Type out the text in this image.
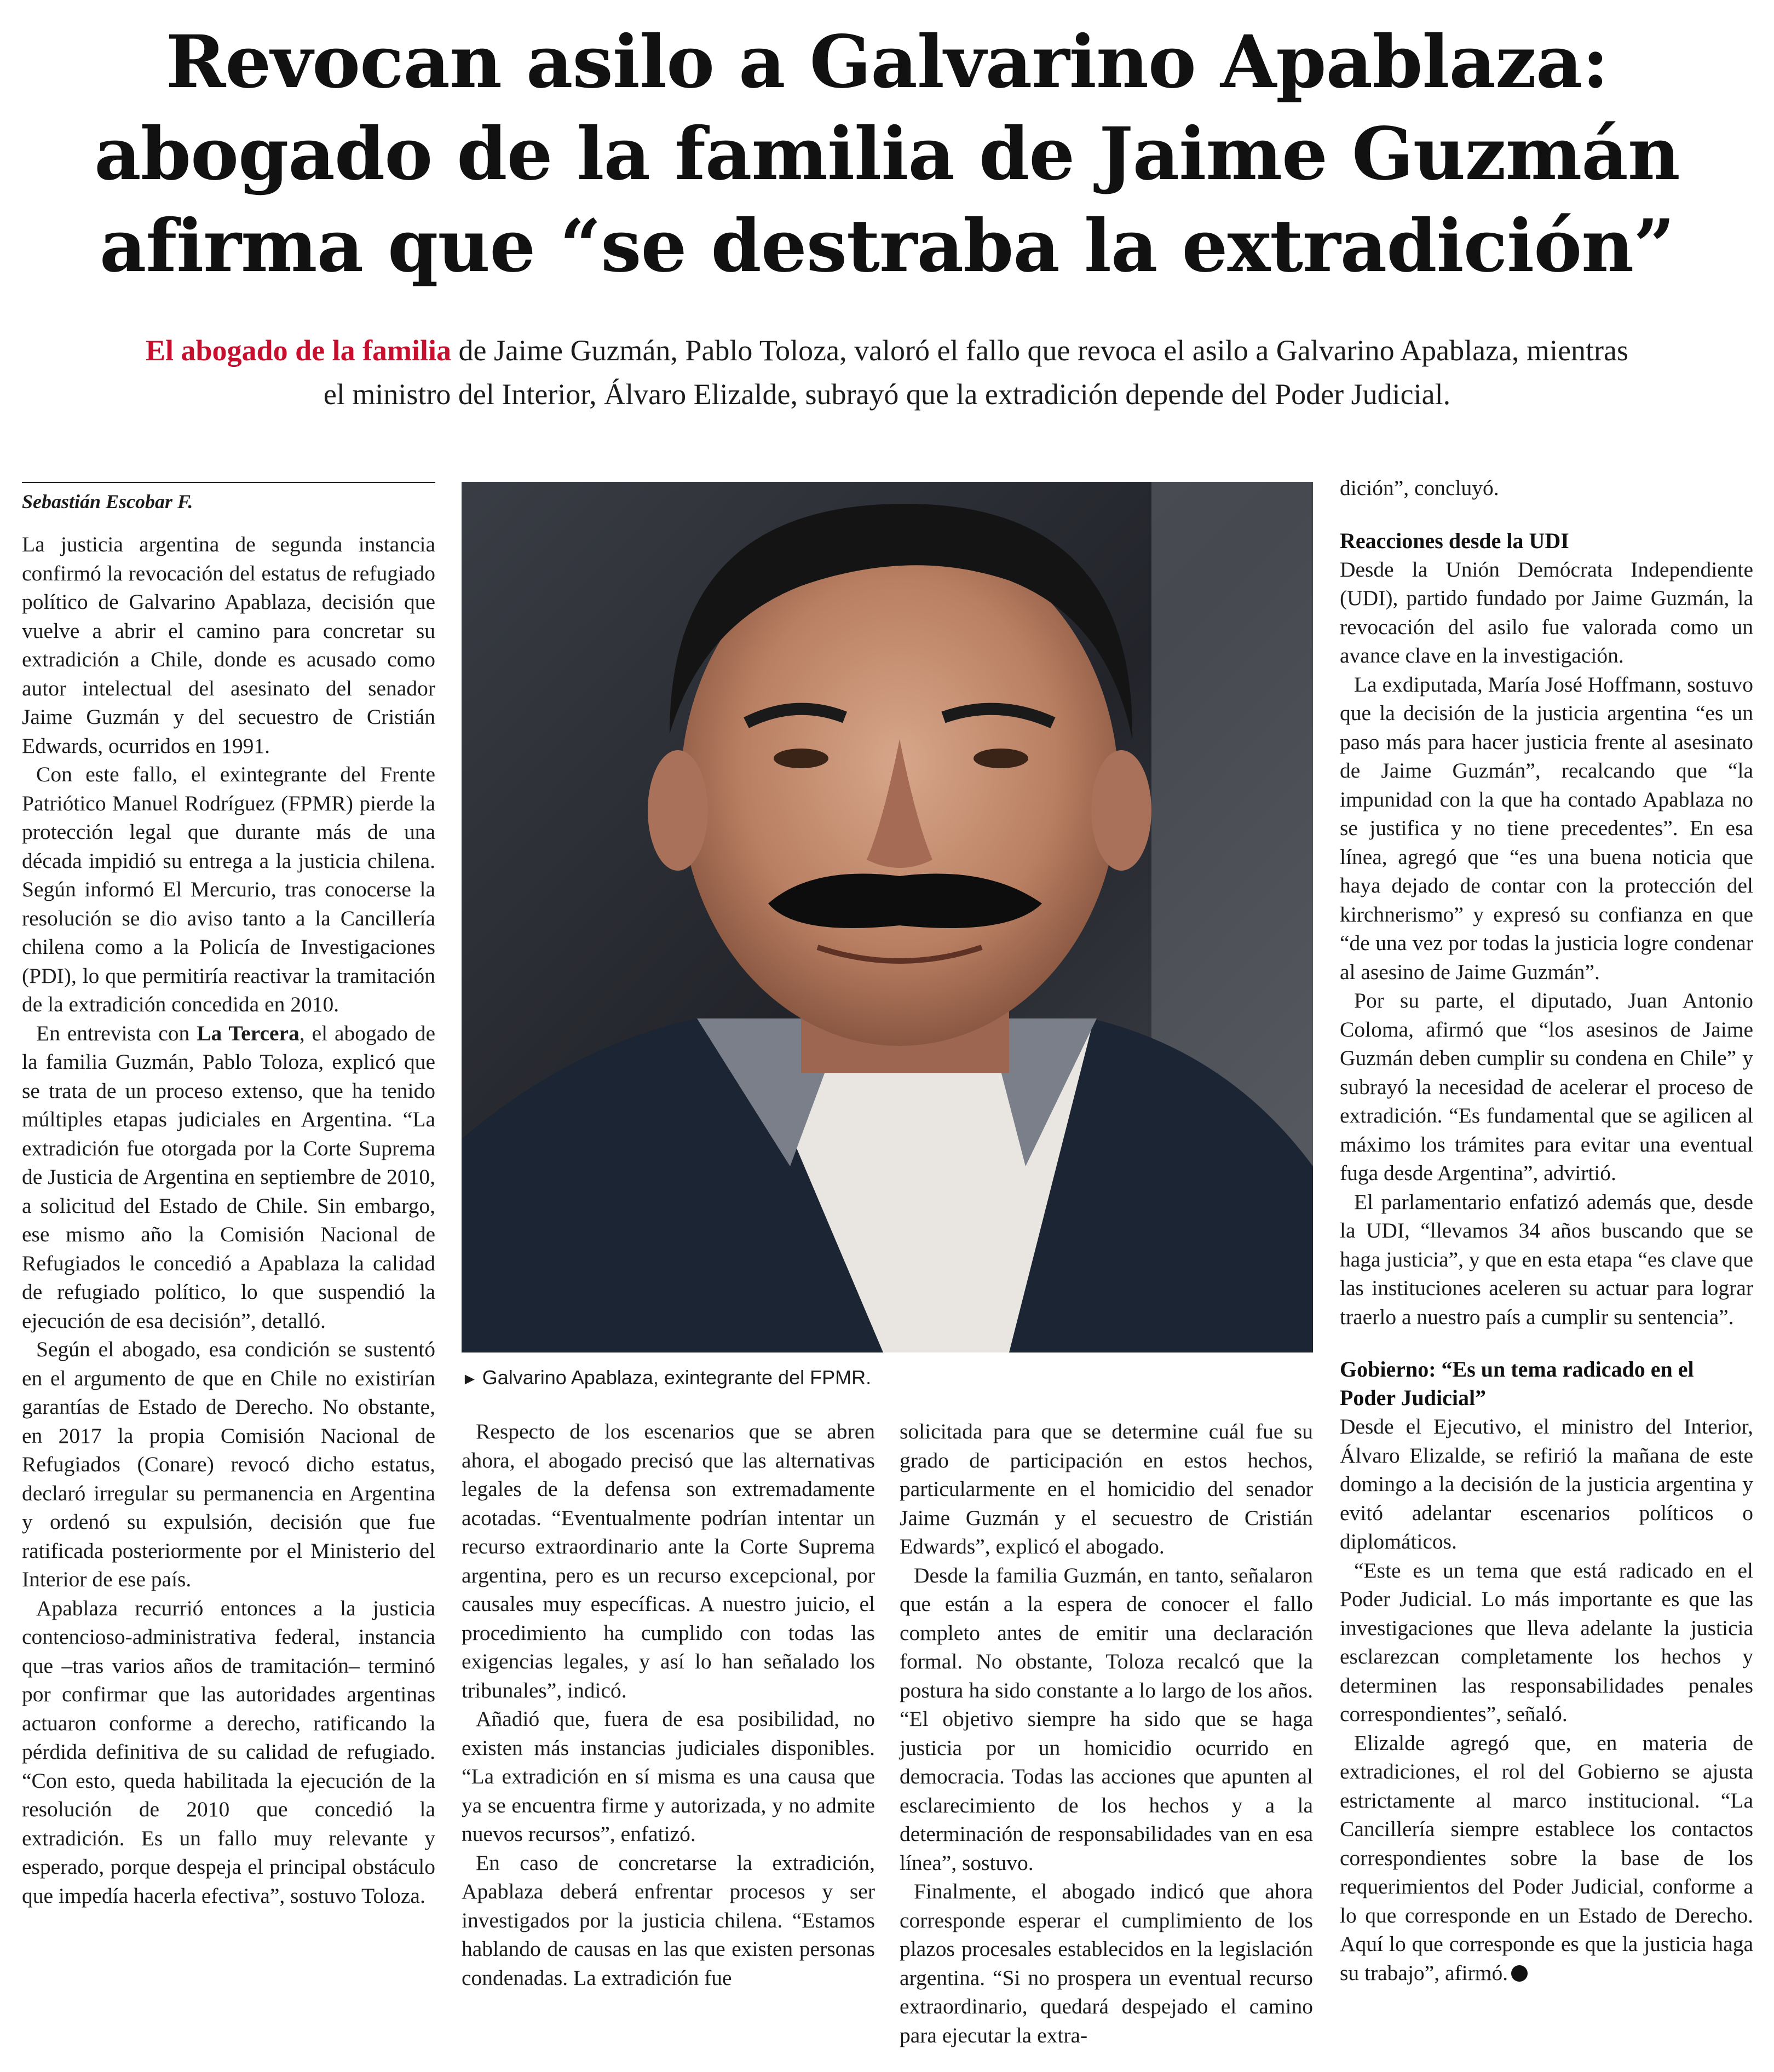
Revocan asilo a Galvarino Apablaza:
abogado de la familia de Jaime Guzmán
afirma que “se destraba la extradición”

El abogado de la familia de Jaime Guzmán, Pablo Toloza, valoró el fallo que revoca el asilo a Galvarino Apablaza, mientras
el ministro del Interior, Álvaro Elizalde, subrayó que la extradición depende del Poder Judicial.

Sebastián Escobar F.

La justicia argentina de segunda instancia confirmó la revocación del estatus de refugiado político de Galvarino Apablaza, decisión que vuelve a abrir el camino para concretar su extradición a Chile, donde es acusado como autor intelectual del asesinato del senador Jaime Guzmán y del secuestro de Cristián Edwards, ocurridos en 1991.

Con este fallo, el exintegrante del Frente Patriótico Manuel Rodríguez (FPMR) pierde la protección legal que durante más de una década impidió su entrega a la justicia chilena. Según informó El Mercurio, tras conocerse la resolución se dio aviso tanto a la Cancillería chilena como a la Policía de Investigaciones (PDI), lo que permitiría reactivar la tramitación de la extradición concedida en 2010.

En entrevista con La Tercera, el abogado de la familia Guzmán, Pablo Toloza, explicó que se trata de un proceso extenso, que ha tenido múltiples etapas judiciales en Argentina. “La extradición fue otorgada por la Corte Suprema de Justicia de Argentina en septiembre de 2010, a solicitud del Estado de Chile. Sin embargo, ese mismo año la Comisión Nacional de Refugiados le concedió a Apablaza la calidad de refugiado político, lo que suspendió la ejecución de esa decisión”, detalló.

Según el abogado, esa condición se sustentó en el argumento de que en Chile no existirían garantías de Estado de Derecho. No obstante, en 2017 la propia Comisión Nacional de Refugiados (Conare) revocó dicho estatus, declaró irregular su permanencia en Argentina y ordenó su expulsión, decisión que fue ratificada posteriormente por el Ministerio del Interior de ese país.

Apablaza recurrió entonces a la justicia contencioso-administrativa federal, instancia que –tras varios años de tramitación– terminó por confirmar que las autoridades argentinas actuaron conforme a derecho, ratificando la pérdida definitiva de su calidad de refugiado. “Con esto, queda habilitada la ejecución de la resolución de 2010 que concedió la extradición. Es un fallo muy relevante y esperado, porque despeja el principal obstáculo que impedía hacerla efectiva”, sostuvo Toloza.

► Galvarino Apablaza, exintegrante del FPMR.

Respecto de los escenarios que se abren ahora, el abogado precisó que las alternativas legales de la defensa son extremadamente acotadas. “Eventualmente podrían intentar un recurso extraordinario ante la Corte Suprema argentina, pero es un recurso excepcional, por causales muy específicas. A nuestro juicio, el procedimiento ha cumplido con todas las exigencias legales, y así lo han señalado los tribunales”, indicó.

Añadió que, fuera de esa posibilidad, no existen más instancias judiciales disponibles. “La extradición en sí misma es una causa que ya se encuentra firme y autorizada, y no admite nuevos recursos”, enfatizó.

En caso de concretarse la extradición, Apablaza deberá enfrentar procesos y ser investigados por la justicia chilena. “Estamos hablando de causas en las que existen personas condenadas. La extradición fue

solicitada para que se determine cuál fue su grado de participación en estos hechos, particularmente en el homicidio del senador Jaime Guzmán y el secuestro de Cristián Edwards”, explicó el abogado.

Desde la familia Guzmán, en tanto, señalaron que están a la espera de conocer el fallo completo antes de emitir una declaración formal. No obstante, Toloza recalcó que la postura ha sido constante a lo largo de los años. “El objetivo siempre ha sido que se haga justicia por un homicidio ocurrido en democracia. Todas las acciones que apunten al esclarecimiento de los hechos y a la determinación de responsabilidades van en esa línea”, sostuvo.

Finalmente, el abogado indicó que ahora corresponde esperar el cumplimiento de los plazos procesales establecidos en la legislación argentina. “Si no prospera un eventual recurso extraordinario, quedará despejado el camino para ejecutar la extra-

dición”, concluyó.

Reacciones desde la UDI

Desde la Unión Demócrata Independiente (UDI), partido fundado por Jaime Guzmán, la revocación del asilo fue valorada como un avance clave en la investigación.

La exdiputada, María José Hoffmann, sostuvo que la decisión de la justicia argentina “es un paso más para hacer justicia frente al asesinato de Jaime Guzmán”, recalcando que “la impunidad con la que ha contado Apablaza no se justifica y no tiene precedentes”. En esa línea, agregó que “es una buena noticia que haya dejado de contar con la protección del kirchnerismo” y expresó su confianza en que “de una vez por todas la justicia logre condenar al asesino de Jaime Guzmán”.

Por su parte, el diputado, Juan Antonio Coloma, afirmó que “los asesinos de Jaime Guzmán deben cumplir su condena en Chile” y subrayó la necesidad de acelerar el proceso de extradición. “Es fundamental que se agilicen al máximo los trámites para evitar una eventual fuga desde Argentina”, advirtió.

El parlamentario enfatizó además que, desde la UDI, “llevamos 34 años buscando que se haga justicia”, y que en esta etapa “es clave que las instituciones aceleren su actuar para lograr traerlo a nuestro país a cumplir su sentencia”.

Gobierno: “Es un tema radicado en el Poder Judicial”

Desde el Ejecutivo, el ministro del Interior, Álvaro Elizalde, se refirió la mañana de este domingo a la decisión de la justicia argentina y evitó adelantar escenarios políticos o diplomáticos.

“Este es un tema que está radicado en el Poder Judicial. Lo más importante es que las investigaciones que lleva adelante la justicia esclarezcan completamente los hechos y determinen las responsabilidades penales correspondientes”, señaló.

Elizalde agregó que, en materia de extradiciones, el rol del Gobierno se ajusta estrictamente al marco institucional. “La Cancillería siempre establece los contactos correspondientes sobre la base de los requerimientos del Poder Judicial, conforme a lo que corresponde en un Estado de Derecho. Aquí lo que corresponde es que la justicia haga su trabajo”, afirmó.
